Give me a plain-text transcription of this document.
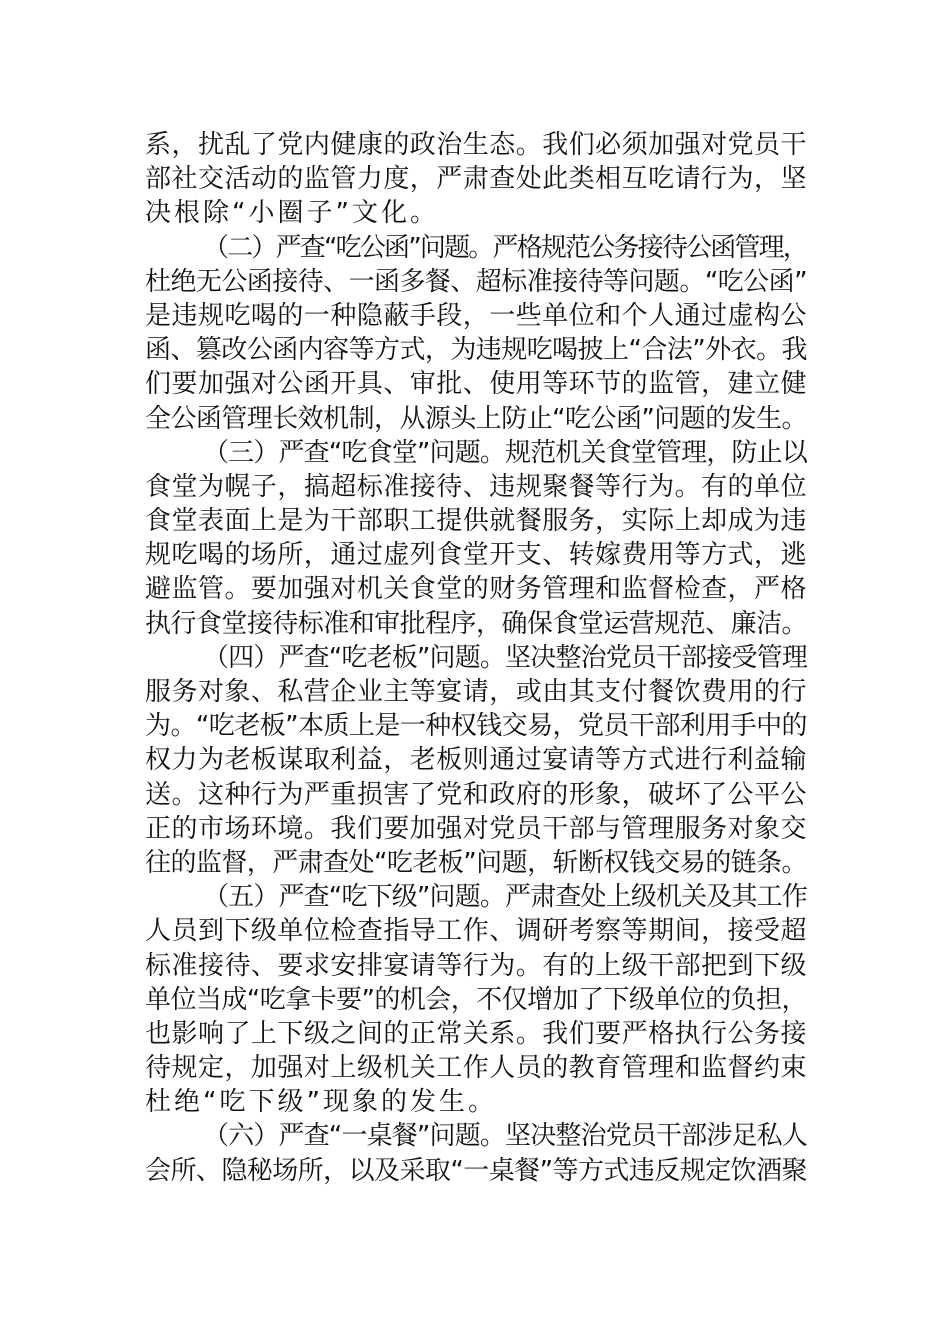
系，扰乱了党内健康的政治生态。我们必须加强对党员干
部社交活动的监管力度，严肃查处此类相互吃请行为，坚
决根除“小圈子”文化。
（二）严查“吃公函”问题。严格规范公务接待公函管理，
杜绝无公函接待、一函多餐、超标准接待等问题。“吃公函”
是违规吃喝的一种隐蔽手段，一些单位和个人通过虚构公
函、篡改公函内容等方式，为违规吃喝披上“合法”外衣。我
们要加强对公函开具、审批、使用等环节的监管，建立健
全公函管理长效机制，从源头上防止“吃公函”问题的发生。
（三）严查“吃食堂”问题。规范机关食堂管理，防止以
食堂为幌子，搞超标准接待、违规聚餐等行为。有的单位
食堂表面上是为干部职工提供就餐服务，实际上却成为违
规吃喝的场所，通过虚列食堂开支、转嫁费用等方式，逃
避监管。要加强对机关食堂的财务管理和监督检查，严格
执行食堂接待标准和审批程序，确保食堂运营规范、廉洁。
（四）严查“吃老板”问题。坚决整治党员干部接受管理
服务对象、私营企业主等宴请，或由其支付餐饮费用的行
为。“吃老板”本质上是一种权钱交易，党员干部利用手中的
权力为老板谋取利益，老板则通过宴请等方式进行利益输
送。这种行为严重损害了党和政府的形象，破坏了公平公
正的市场环境。我们要加强对党员干部与管理服务对象交
往的监督，严肃查处“吃老板”问题，斩断权钱交易的链条。
（五）严查“吃下级”问题。严肃查处上级机关及其工作
人员到下级单位检查指导工作、调研考察等期间，接受超
标准接待、要求安排宴请等行为。有的上级干部把到下级
单位当成“吃拿卡要”的机会，不仅增加了下级单位的负担，
也影响了上下级之间的正常关系。我们要严格执行公务接
待规定，加强对上级机关工作人员的教育管理和监督约束
杜绝“吃下级”现象的发生。
（六）严查“一桌餐”问题。坚决整治党员干部涉足私人
会所、隐秘场所，以及采取“一桌餐”等方式违反规定饮酒聚
